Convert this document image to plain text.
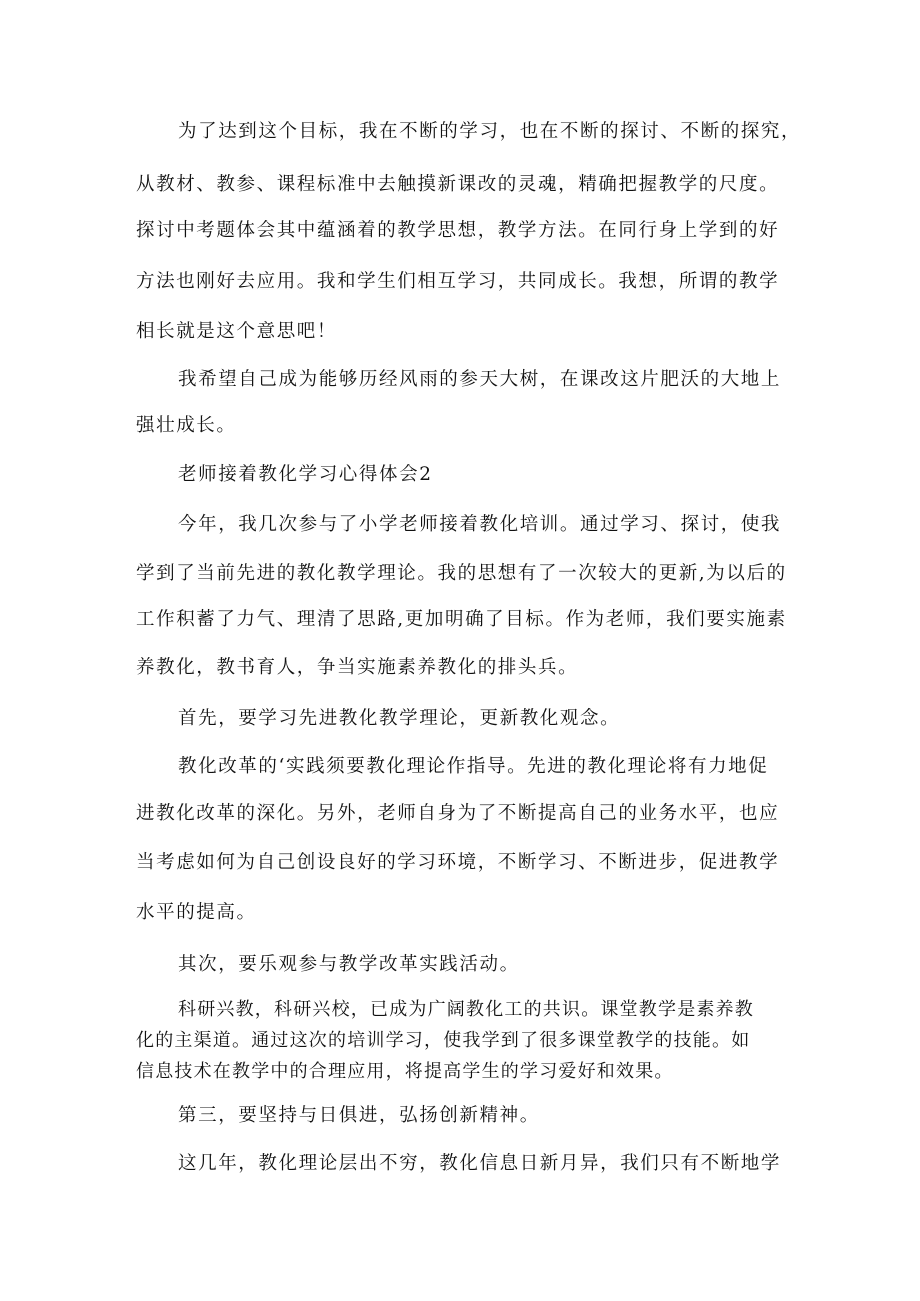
为了达到这个目标，我在不断的学习，也在不断的探讨、不断的探究，
从教材、教参、课程标准中去触摸新课改的灵魂，精确把握教学的尺度。
探讨中考题体会其中蕴涵着的教学思想，教学方法。在同行身上学到的好
方法也刚好去应用。我和学生们相互学习，共同成长。我想，所谓的教学
相长就是这个意思吧！
我希望自己成为能够历经风雨的参天大树，在课改这片肥沃的大地上
强壮成长。
老师接着教化学习心得体会2
今年，我几次参与了小学老师接着教化培训。通过学习、探讨，使我
学到了当前先进的教化教学理论。我的思想有了一次较大的更新,为以后的
工作积蓄了力气、理清了思路,更加明确了目标。作为老师，我们要实施素
养教化，教书育人，争当实施素养教化的排头兵。
首先，要学习先进教化教学理论，更新教化观念。
教化改革的‘实践须要教化理论作指导。先进的教化理论将有力地促
进教化改革的深化。另外，老师自身为了不断提高自己的业务水平，也应
当考虑如何为自己创设良好的学习环境，不断学习、不断进步，促进教学
水平的提高。
其次，要乐观参与教学改革实践活动。
科研兴教，科研兴校，已成为广阔教化工的共识。课堂教学是素养教
化的主渠道。通过这次的培训学习，使我学到了很多课堂教学的技能。如
信息技术在教学中的合理应用，将提高学生的学习爱好和效果。
第三，要坚持与日俱进，弘扬创新精神。
这几年，教化理论层出不穷，教化信息日新月异，我们只有不断地学
